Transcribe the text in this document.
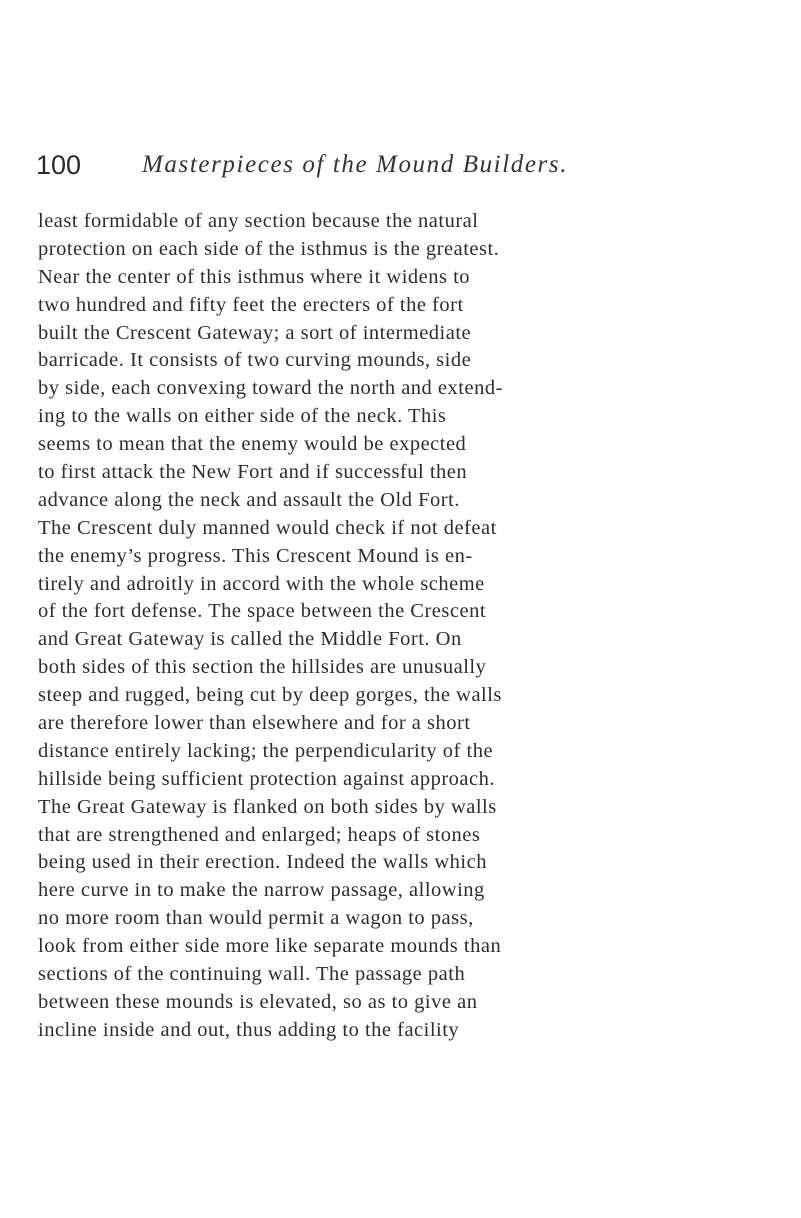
100 Masterpieces of the Mound Builders.
least formidable of any section because the natural
protection on each side of the isthmus is the greatest.
Near the center of this isthmus where it widens to
two hundred and fifty feet the erecters of the fort
built the Crescent Gateway; a sort of intermediate
barricade. It consists of two curving mounds, side
by side, each convexing toward the north and extend-
ing to the walls on either side of the neck. This
seems to mean that the enemy would be expected
to first attack the New Fort and if successful then
advance along the neck and assault the Old Fort.
The Crescent duly manned would check if not defeat
the enemy’s progress. This Crescent Mound is en-
tirely and adroitly in accord with the whole scheme
of the fort defense. The space between the Crescent
and Great Gateway is called the Middle Fort. On
both sides of this section the hillsides are unusually
steep and rugged, being cut by deep gorges, the walls
are therefore lower than elsewhere and for a short
distance entirely lacking; the perpendicularity of the
hillside being sufficient protection against approach.
The Great Gateway is flanked on both sides by walls
that are strengthened and enlarged; heaps of stones
being used in their erection. Indeed the walls which
here curve in to make the narrow passage, allowing
no more room than would permit a wagon to pass,
look from either side more like separate mounds than
sections of the continuing wall. The passage path
between these mounds is elevated, so as to give an
incline inside and out, thus adding to the facility
